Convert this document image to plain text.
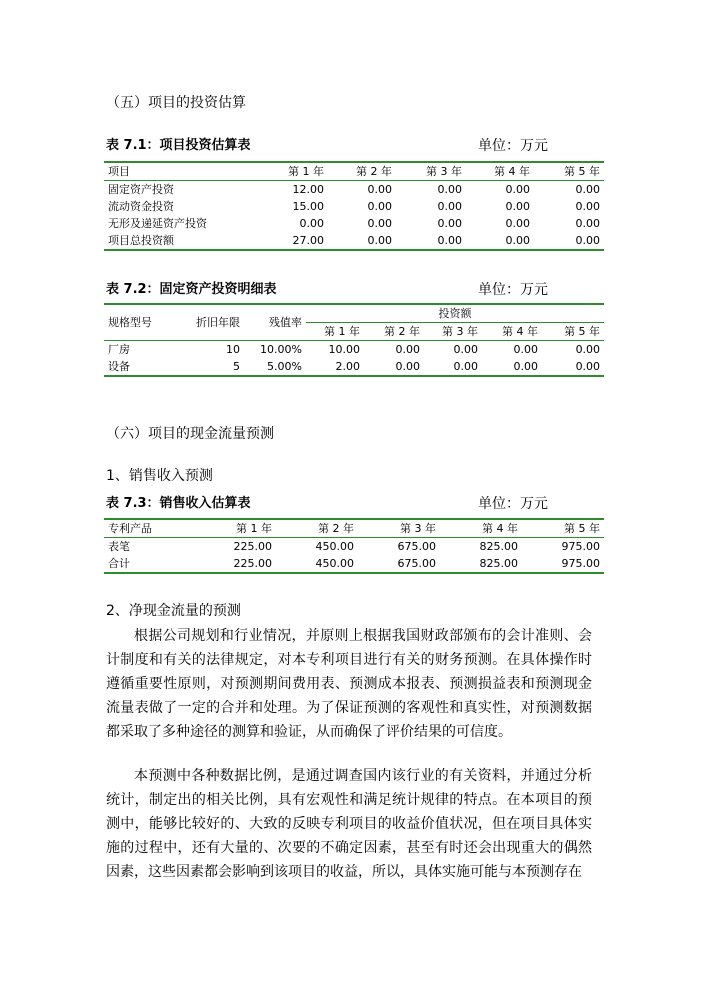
（五）项目的投资估算
表 7.1：项目投资估算表	单位：万元
项目	第 1 年	第 2 年	第 3 年	第 4 年	第 5 年
固定资产投资	12.00	0.00	0.00	0.00	0.00
流动资金投资	15.00	0.00	0.00	0.00	0.00
无形及递延资产投资	0.00	0.00	0.00	0.00	0.00
项目总投资额	27.00	0.00	0.00	0.00	0.00
表 7.2：固定资产投资明细表	单位：万元
规格型号	折旧年限	残值率	投资额				
			第 1 年	第 2 年	第 3 年	第 4 年	第 5 年
厂房	10	10.00%	10.00	0.00	0.00	0.00	0.00
设备	5	5.00%	2.00	0.00	0.00	0.00	0.00
（六）项目的现金流量预测
1、销售收入预测
表 7.3：销售收入估算表	单位：万元
专利产品	第 1 年	第 2 年	第 3 年	第 4 年	第 5 年
表笔	225.00	450.00	675.00	825.00	975.00
合计	225.00	450.00	675.00	825.00	975.00
2、净现金流量的预测

根据公司规划和行业情况，并原则上根据我国财政部颁布的会计准则、会计制度和有关的法律规定，对本专利项目进行有关的财务预测。在具体操作时遵循重要性原则，对预测期间费用表、预测成本报表、预测损益表和预测现金流量表做了一定的合并和处理。为了保证预测的客观性和真实性，对预测数据都采取了多种途径的测算和验证，从而确保了评价结果的可信度。

本预测中各种数据比例，是通过调查国内该行业的有关资料，并通过分析统计，制定出的相关比例，具有宏观性和满足统计规律的特点。在本项目的预测中，能够比较好的、大致的反映专利项目的收益价值状况，但在项目具体实施的过程中，还有大量的、次要的不确定因素，甚至有时还会出现重大的偶然因素，这些因素都会影响到该项目的收益，所以，具体实施可能与本预测存在
